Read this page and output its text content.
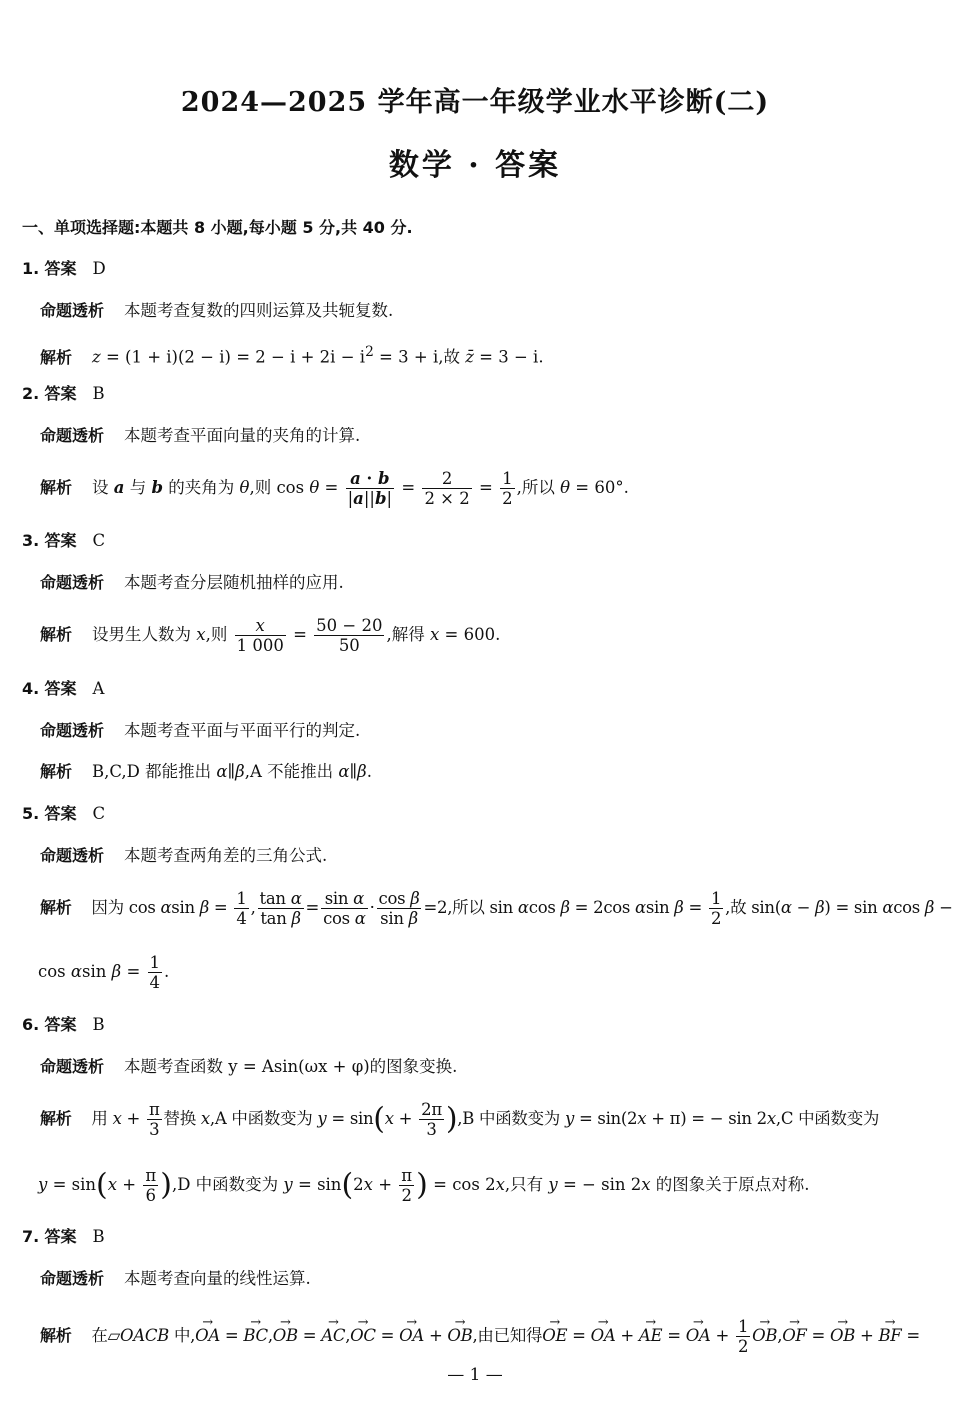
2024—2025 学年高一年级学业水平诊断(二)
数学 · 答案
一、单项选择题:本题共 8 小题,每小题 5 分,共 40 分.
1. 答案 D
命题透析 本题考查复数的四则运算及共轭复数.
解析 $z = (1 + i)(2 - i) = 2 - i + 2i - i^2 = 3 + i$,故 z̄ = 3 − i.
2. 答案 B
命题透析 本题考查平面向量的夹角的计算.
解析 设 a 与 b 的夹角为 θ,则 $\cos \theta = \frac{a \cdot b}{|a||b|} = \frac{2}{2 \times 2} = \frac{1}{2}$ ,所以 θ = 60°.
3. 答案 C
命题透析 本题考查分层随机抽样的应用.
解析 设男生人数为 x,则 $\frac{x}{1 000} = \frac{50 - 20}{50}$ ,解得 x = 600.
4. 答案 A
命题透析 本题考查平面与平面平行的判定.
解析 B,C,D 都能推出 α∥β,A 不能推出 α∥β.
5. 答案 C
命题透析 本题考查两角差的三角公式.
解析 因为 cos αsin $\beta = \frac{1}{4}$ , $\frac{\text{tan α}}{\text{tan β}} = \frac{\text{sin α}}{\text{cos α}} \cdot \frac{\text{cos β}}{\text{sin β}} =2$,所以 sin αcos β = 2cos αsin $\beta = \frac{1}{2}$ ,故 sin(α − β) = sin αcos β −
cos αsin $\beta = \frac{1}{4}$ .
6. 答案 B
命题透析 本题考查函数 y = Asin(ωx + φ)的图象变换.
解析 用 $x + \frac{\pi}{3}$ 替换 x,A 中函数变为 $y = \sin(x + \frac{2\pi}{3} ),B$ 中函数变为 y = sin(2x + π) = − sin 2x,C 中函数变为
$y = \sin(x + \frac{\pi}{6} ),D$ 中函数变为 $y = \sin(2x + \frac{\pi}{2}$ ) = cos 2x,只有 y = − sin 2x 的图象关于原点对称.
7. 答案 B
命题透析 本题考查向量的线性运算.
解析 在▱OACB 中,→ OA = → BC,→ OB = → AC,→ OC = → OA + → OB,由已知得→ OE = → OA + → AE = → OA + $\frac{1}{2}$
→ OB,→ OF = → OB + → BF =
— 1 —
